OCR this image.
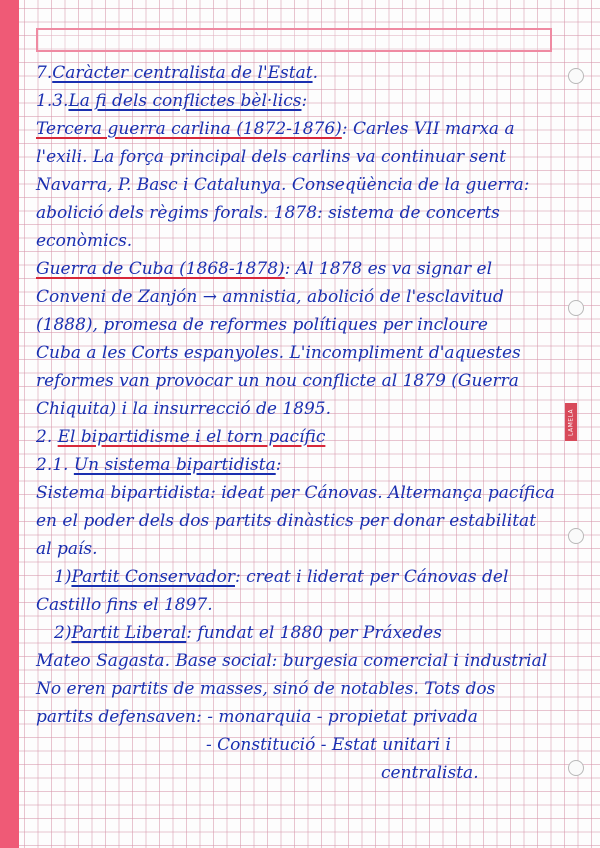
LAMELA
7.Caràcter centralista de l'Estat.
1.3.La fi dels conflictes bèl·lics:
Tercera guerra carlina (1872-1876): Carles VII marxa a
l'exili. La força principal dels carlins va continuar sent
Navarra, P. Basc i Catalunya. Conseqüència de la guerra:
abolició dels règims forals. 1878: sistema de concerts
econòmics.
Guerra de Cuba (1868-1878): Al 1878 es va signar el
Conveni de Zanjón → amnistia, abolició de l'esclavitud
(1888), promesa de reformes polítiques per incloure
Cuba a les Corts espanyoles. L'incompliment d'aquestes
reformes van provocar un nou conflicte al 1879 (Guerra
Chiquita) i la insurrecció de 1895.
2. El bipartidisme i el torn pacífic
2.1. Un sistema bipartidista:
Sistema bipartidista: ideat per Cánovas. Alternança pacífica
en el poder dels dos partits dinàstics per donar estabilitat
al país.
1)Partit Conservador: creat i liderat per Cánovas del
Castillo fins el 1897.
2)Partit Liberal: fundat el 1880 per Práxedes
Mateo Sagasta. Base social: burgesia comercial i industrial
No eren partits de masses, sinó de notables. Tots dos
partits defensaven: - monarquia - propietat privada
- Constitució - Estat unitari i
centralista.
